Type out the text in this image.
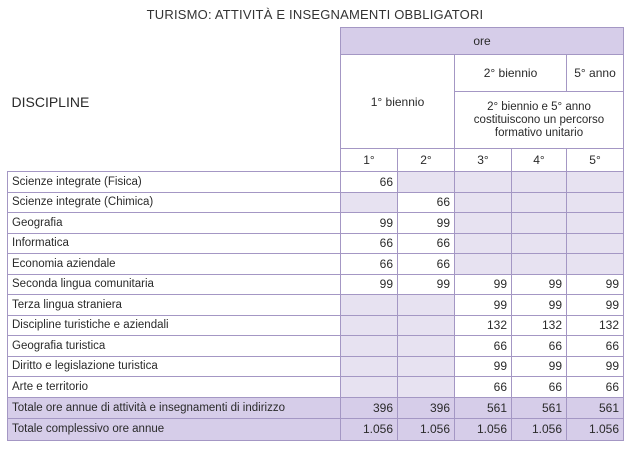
TURISMO: ATTIVITÀ E INSEGNAMENTI OBBLIGATORI
	ore				
DISCIPLINE	1° biennio		2° biennio		5° anno
			2° biennio e 5° anno costituiscono un percorso formativo unitario		
	1°	2°	3°	4°	5°
Scienze integrate (Fisica)	66				
Scienze integrate (Chimica)		66			
Geografia	99	99			
Informatica	66	66			
Economia aziendale	66	66			
Seconda lingua comunitaria	99	99	99	99	99
Terza lingua straniera			99	99	99
Discipline turistiche e aziendali			132	132	132
Geografia turistica			66	66	66
Diritto e legislazione turistica			99	99	99
Arte e territorio			66	66	66
Totale ore annue di attività e insegnamenti di indirizzo	396	396	561	561	561
Totale complessivo ore annue	1.056	1.056	1.056	1.056	1.056
